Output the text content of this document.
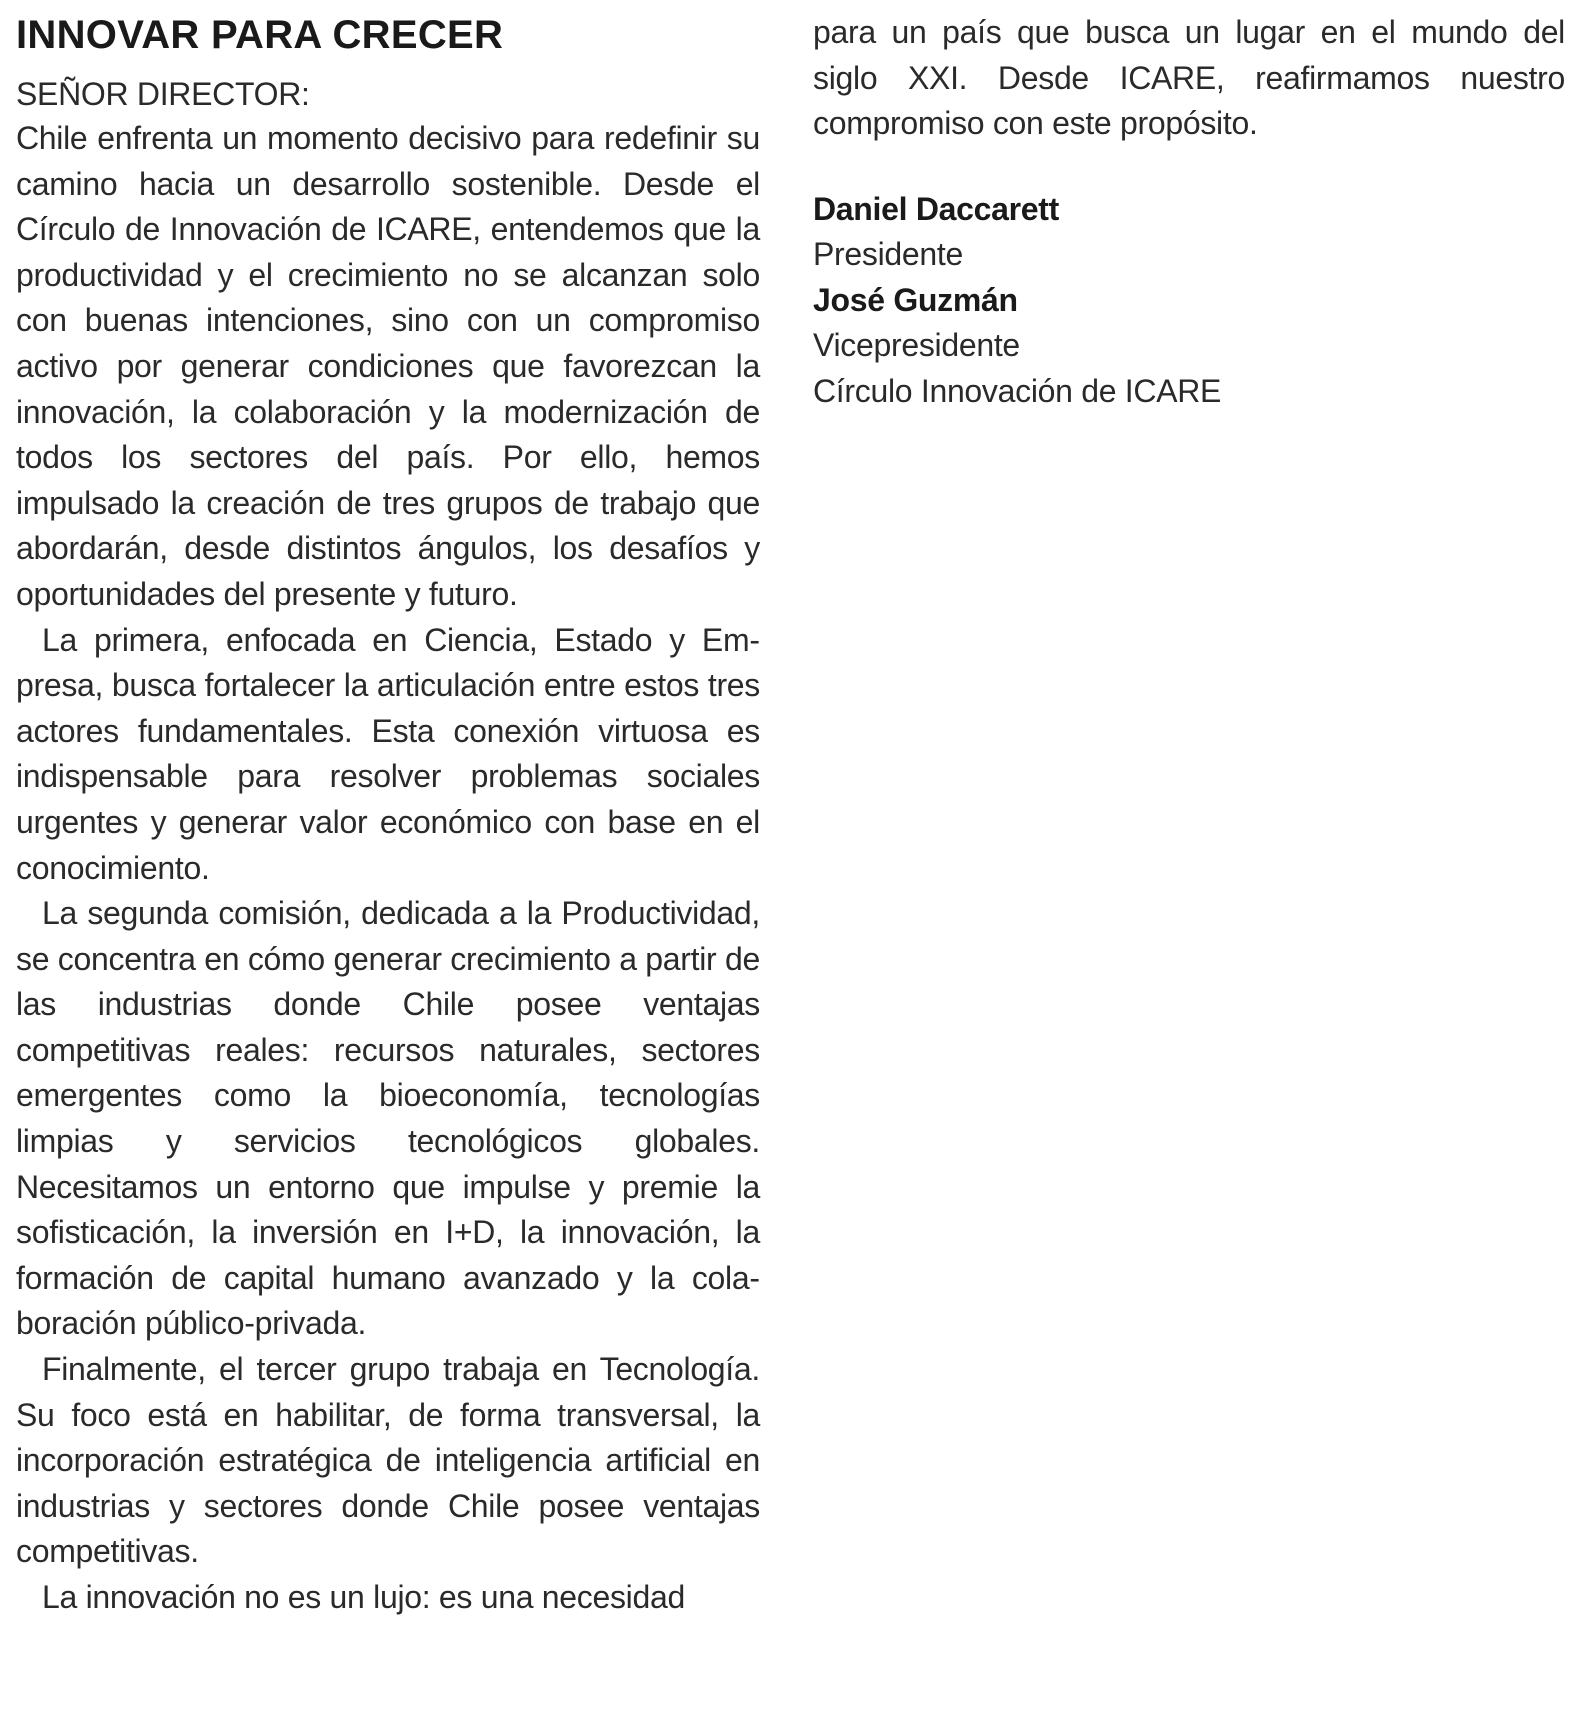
INNOVAR PARA CRECER

SEÑOR DIRECTOR:

Chile enfrenta un momento decisivo para redefinir su camino hacia un desarrollo sostenible. Desde el Círculo de Innovación de ICARE, entendemos que la productividad y el crecimiento no se alcanzan solo con buenas intenciones, sino con un compromiso activo por generar condiciones que favorezcan la innovación, la colaboración y la modernización de todos los sectores del país. Por ello, hemos impulsado la creación de tres grupos de trabajo que abordarán, desde distintos ángulos, los desafíos y oportunidades del presente y futuro.

La primera, enfocada en Ciencia, Estado y Empresa, busca fortalecer la articulación entre estos tres actores fundamentales. Esta conexión virtuosa es indispensable para resolver problemas sociales urgentes y generar valor económico con base en el conocimiento.

La segunda comisión, dedicada a la Productividad, se concentra en cómo generar crecimiento a partir de las industrias donde Chile posee ventajas competitivas reales: recursos naturales, sectores emergentes como la bioeconomía, tecnologías limpias y servicios tecnológicos globales. Necesitamos un entorno que impulse y premie la sofisticación, la inversión en I+D, la innovación, la formación de capital humano avanzado y la colaboración público-privada.

Finalmente, el tercer grupo trabaja en Tecnología. Su foco está en habilitar, de forma transversal, la incorporación estratégica de inteligencia artificial en industrias y sectores donde Chile posee ventajas competitivas.

La innovación no es un lujo: es una necesidad

para un país que busca un lugar en el mundo del siglo XXI. Desde ICARE, reafirmamos nuestro compromiso con este propósito.

Daniel Daccarett

Presidente

José Guzmán

Vicepresidente

Círculo Innovación de ICARE
